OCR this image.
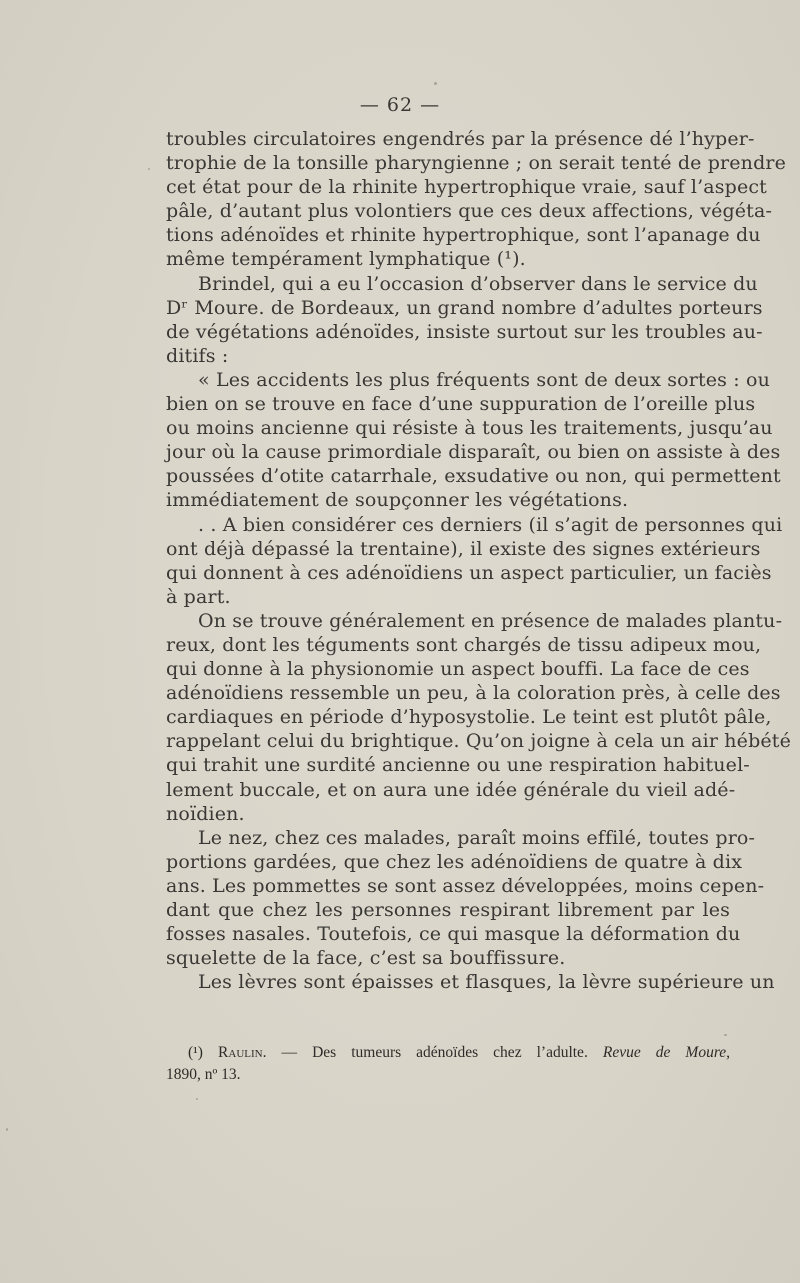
— 62 —
troubles circulatoires engendrés par la présence dé l’hyper-
trophie de la tonsille pharyngienne ; on serait tenté de prendre
cet état pour de la rhinite hypertrophique vraie, sauf l’aspect
pâle, d’autant plus volontiers que ces deux affections, végéta-
tions adénoïdes et rhinite hypertrophique, sont l’apanage du
même tempérament lymphatique (¹).
Brindel, qui a eu l’occasion d’observer dans le service du
Dʳ Moure. de Bordeaux, un grand nombre d’adultes porteurs
de végétations adénoïdes, insiste surtout sur les troubles au-
ditifs :
« Les accidents les plus fréquents sont de deux sortes : ou
bien on se trouve en face d’une suppuration de l’oreille plus
ou moins ancienne qui résiste à tous les traitements, jusqu’au
jour où la cause primordiale disparaît, ou bien on assiste à des
poussées d’otite catarrhale, exsudative ou non, qui permettent
immédiatement de soupçonner les végétations.
. . A bien considérer ces derniers (il s’agit de personnes qui
ont déjà dépassé la trentaine), il existe des signes extérieurs
qui donnent à ces adénoïdiens un aspect particulier, un faciès
à part.
On se trouve généralement en présence de malades plantu-
reux, dont les téguments sont chargés de tissu adipeux mou,
qui donne à la physionomie un aspect bouffi. La face de ces
adénoïdiens ressemble un peu, à la coloration près, à celle des
cardiaques en période d’hyposystolie. Le teint est plutôt pâle,
rappelant celui du brightique. Qu’on joigne à cela un air hébété
qui trahit une surdité ancienne ou une respiration habituel-
lement buccale, et on aura une idée générale du vieil adé-
noïdien.
Le nez, chez ces malades, paraît moins effilé, toutes pro-
portions gardées, que chez les adénoïdiens de quatre à dix
ans. Les pommettes se sont assez développées, moins cepen-
dant que chez les personnes respirant librement par les
fosses nasales. Toutefois, ce qui masque la déformation du
squelette de la face, c’est sa bouffissure.
Les lèvres sont épaisses et flasques, la lèvre supérieure un
(¹) Raulin. — Des tumeurs adénoïdes chez l’adulte. Revue de Moure,
1890, nº 13.
